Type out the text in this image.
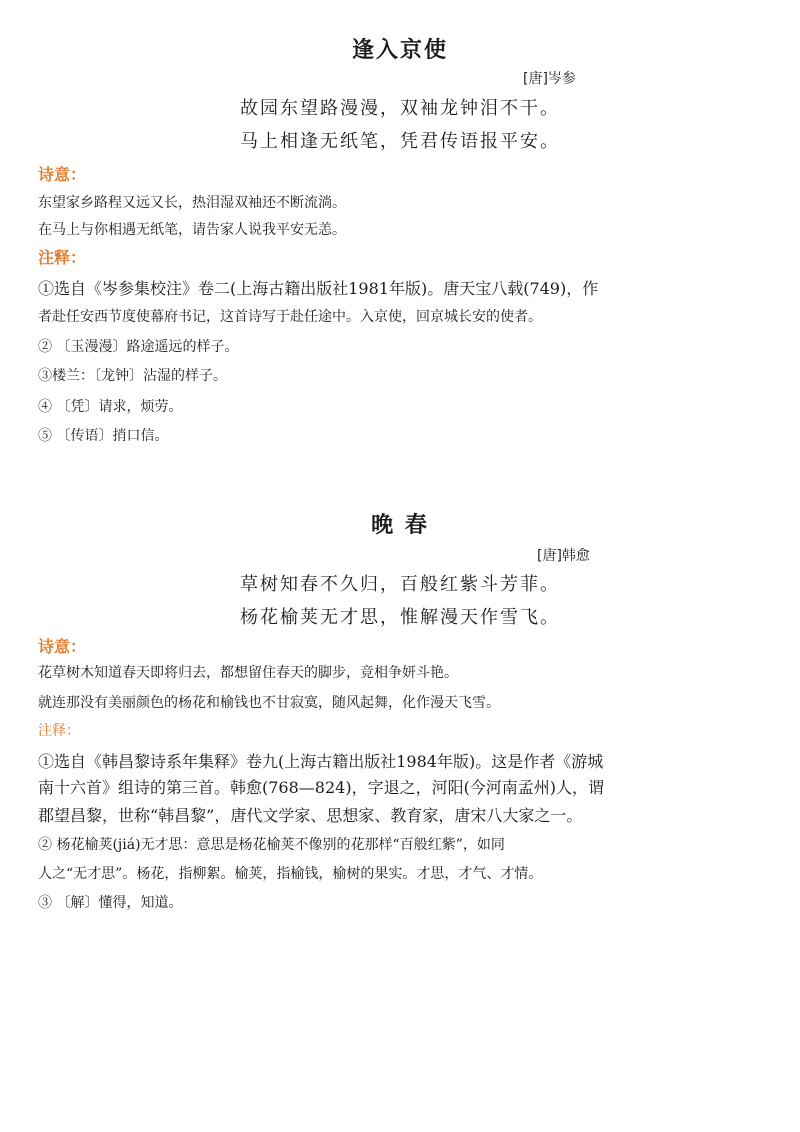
逢入京使
[唐]岑参
故园东望路漫漫，双袖龙钟泪不干。
马上相逢无纸笔，凭君传语报平安。
诗意：
东望家乡路程又远又长，热泪湿双袖还不断流淌。
在马上与你相遇无纸笔，请告家人说我平安无恙。
注释：
①选自《岑参集校注》卷二(上海古籍出版社1981年版)。唐天宝八载(749)，作
者赴任安西节度使幕府书记，这首诗写于赴任途中。入京使，回京城长安的使者。
② 〔玉漫漫〕路途遥远的样子。
③楼兰：〔龙钟〕沾湿的样子。
④ 〔凭〕请求，烦劳。
⑤ 〔传语〕捎口信。
晚 春
[唐]韩愈
草树知春不久归，百般红紫斗芳菲。
杨花榆荚无才思，惟解漫天作雪飞。
诗意：
花草树木知道春天即将归去，都想留住春天的脚步，竞相争妍斗艳。
就连那没有美丽颜色的杨花和榆钱也不甘寂寞，随风起舞，化作漫天飞雪。
注释：
①选自《韩昌黎诗系年集释》卷九(上海古籍出版社1984年版)。这是作者《游城
南十六首》组诗的第三首。韩愈(768—824)，字退之，河阳(今河南孟州)人，谓
郡望昌黎，世称“韩昌黎”，唐代文学家、思想家、教育家，唐宋八大家之一。
② 杨花榆荚(jiá)无才思：意思是杨花榆荚不像别的花那样“百般红紫”，如同
人之“无才思”。杨花，指柳絮。榆荚，指榆钱，榆树的果实。才思，才气、才情。
③ 〔解〕懂得，知道。
